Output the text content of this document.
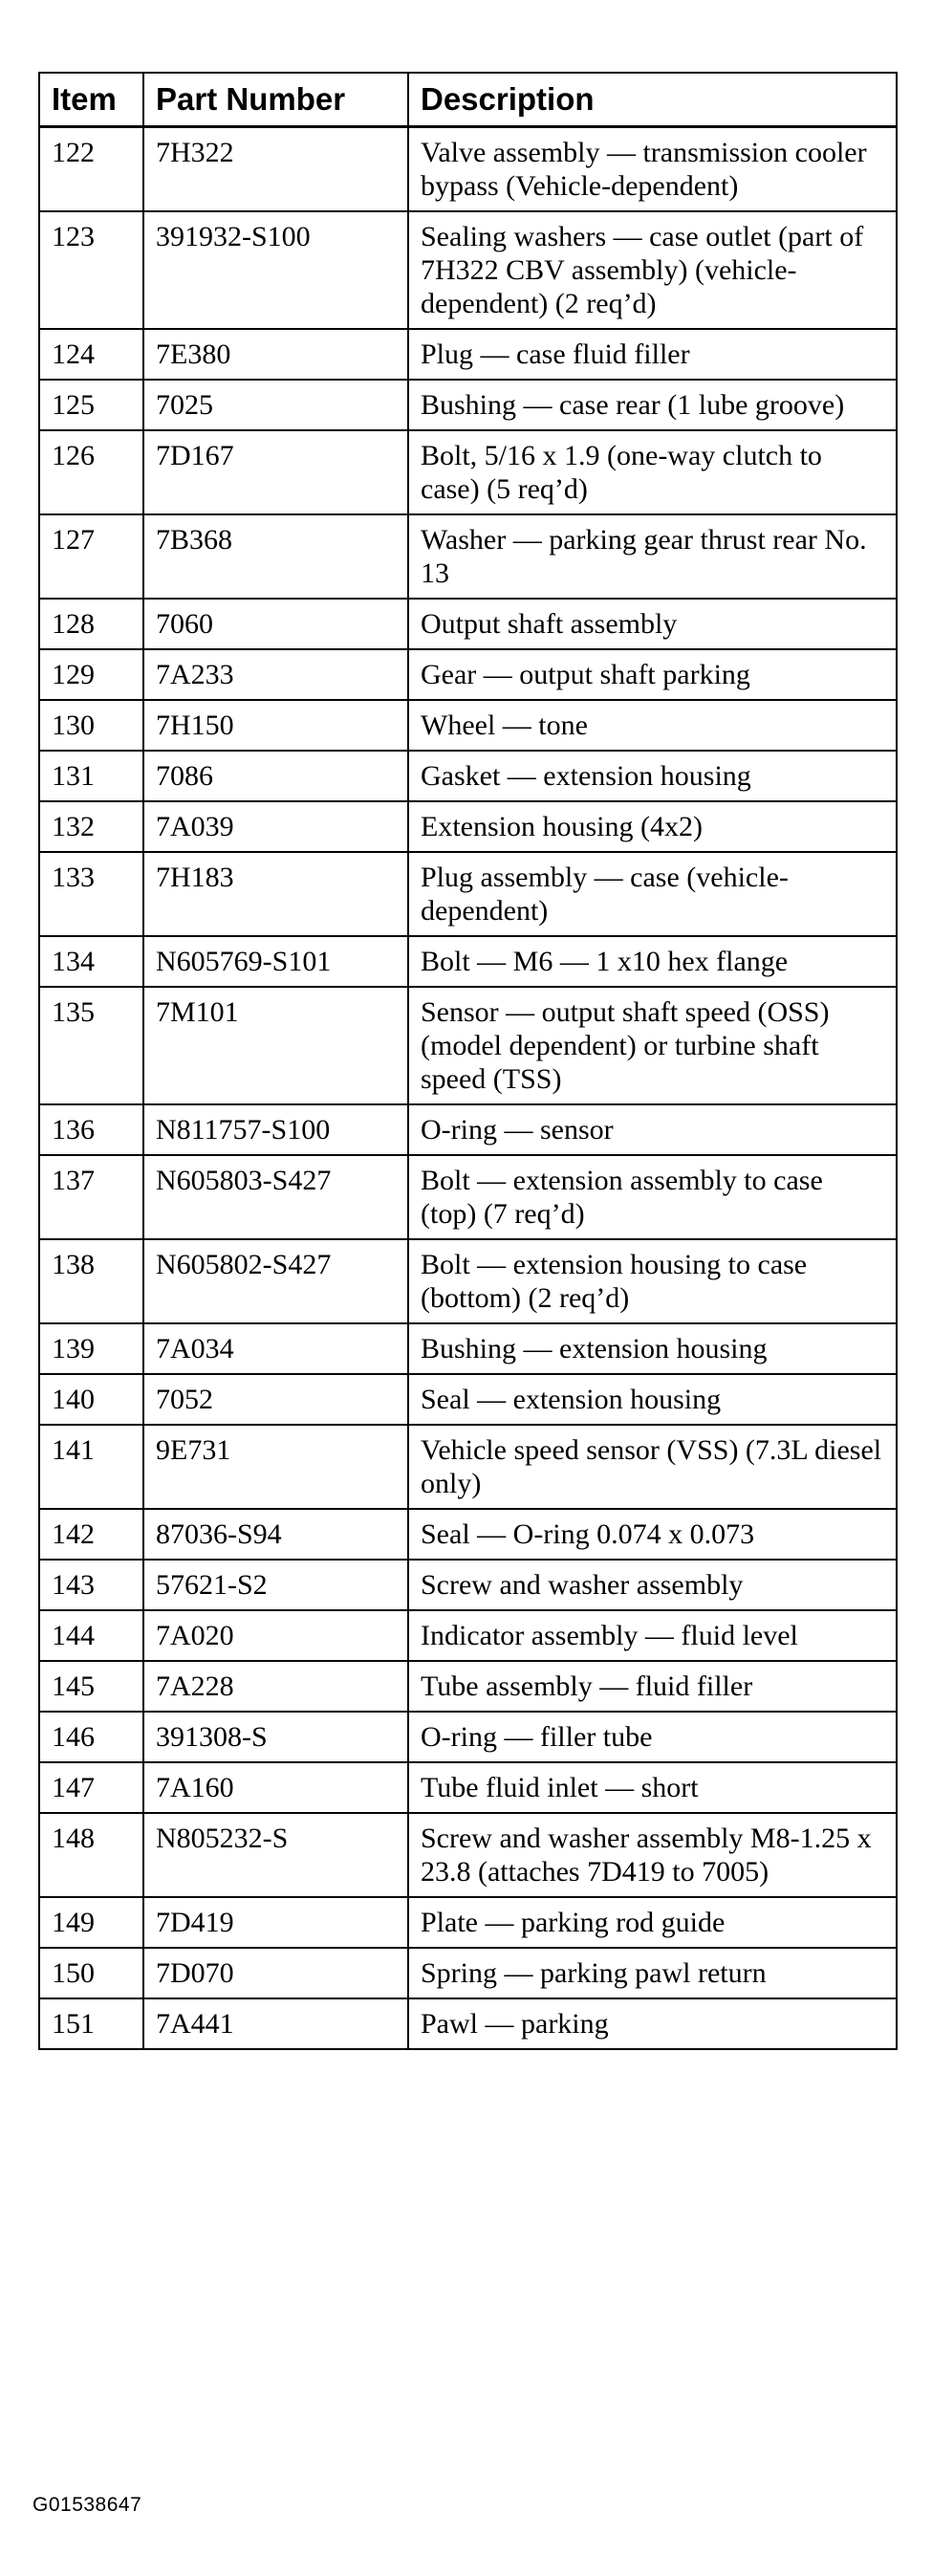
Item	Part Number	Description
122	7H322	Valve assembly — transmission cooler bypass (Vehicle-dependent)
123	391932-S100	Sealing washers — case outlet (part of 7H322 CBV assembly) (vehicle-dependent) (2 req’d)
124	7E380	Plug — case fluid filler
125	7025	Bushing — case rear (1 lube groove)
126	7D167	Bolt, 5/16 x 1.9 (one-way clutch to case) (5 req’d)
127	7B368	Washer — parking gear thrust rear No. 13
128	7060	Output shaft assembly
129	7A233	Gear — output shaft parking
130	7H150	Wheel — tone
131	7086	Gasket — extension housing
132	7A039	Extension housing (4x2)
133	7H183	Plug assembly — case (vehicle-dependent)
134	N605769-S101	Bolt — M6 — 1 x10 hex flange
135	7M101	Sensor — output shaft speed (OSS) (model dependent) or turbine shaft speed (TSS)
136	N811757-S100	O-ring — sensor
137	N605803-S427	Bolt — extension assembly to case (top) (7 req’d)
138	N605802-S427	Bolt — extension housing to case (bottom) (2 req’d)
139	7A034	Bushing — extension housing
140	7052	Seal — extension housing
141	9E731	Vehicle speed sensor (VSS) (7.3L diesel only)
142	87036-S94	Seal — O-ring 0.074 x 0.073
143	57621-S2	Screw and washer assembly
144	7A020	Indicator assembly — fluid level
145	7A228	Tube assembly — fluid filler
146	391308-S	O-ring — filler tube
147	7A160	Tube fluid inlet — short
148	N805232-S	Screw and washer assembly M8-1.25 x 23.8 (attaches 7D419 to 7005)
149	7D419	Plate — parking rod guide
150	7D070	Spring — parking pawl return
151	7A441	Pawl — parking
G01538647
